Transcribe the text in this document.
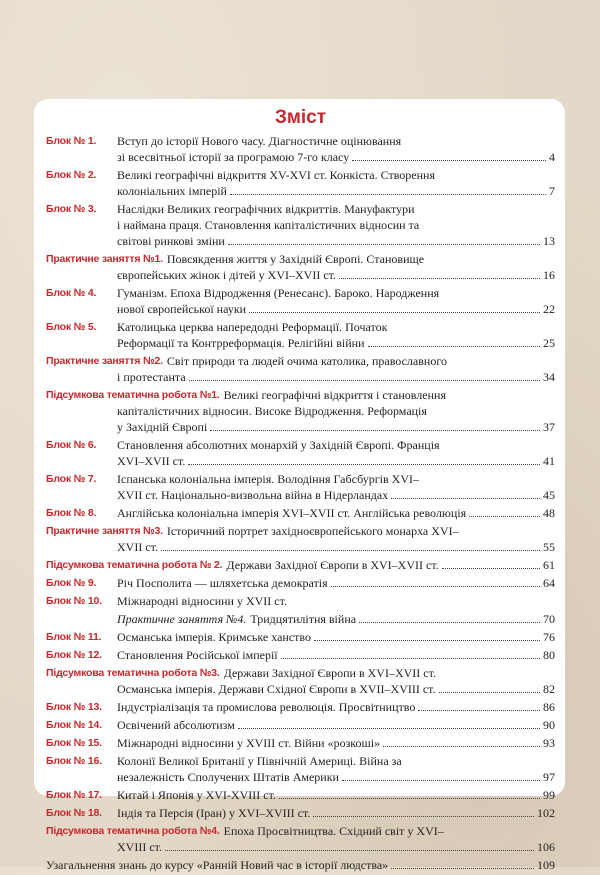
Зміст
Блок № 1. Вступ до історії Нового часу. Діагностичне оцінювання
зі всесвітньої історії за програмою 7-го класу	4
Блок № 2. Великі географічні відкриття XV-XVI ст. Конкіста. Створення
колоніальних імперій	7
Блок № 3. Наслідки Великих географічних відкриттів. Мануфактури
і наймана праця. Становлення капіталістичних відносин та
світові ринкові зміни	13
Практичне заняття №1. Повсякдення життя у Західній Європі. Становище
європейських жінок і дітей у XVI–XVII ст.	16
Блок № 4. Гуманізм. Епоха Відродження (Ренесанс). Бароко. Народження
нової європейської науки	22
Блок № 5. Католицька церква напередодні Реформації. Початок
Реформації та Контрреформація. Релігійні війни	25
Практичне заняття №2. Світ природи та людей очима католика, православного
і протестанта	34
Підсумкова тематична робота №1. Великі географічні відкриття і становлення
капіталістичних відносин. Високе Відродження. Реформація
у Західній Європі	37
Блок № 6. Становлення абсолютних монархій у Західній Європі. Франція
XVI–XVII ст.	41
Блок № 7. Іспанська колоніальна імперія. Володіння Габсбургів XVI–
XVII ст. Національно-визвольна війна в Нідерландах	45
Блок № 8. Англійська колоніальна імперія XVI–XVII ст. Англійська революція	48
Практичне заняття №3. Історичний портрет західноєвропейського монарха XVI–
XVII ст.	55
Підсумкова тематична робота № 2. Держави Західної Європи в XVI–XVII ст.	61
Блок № 9. Річ Посполита — шляхетська демократія	64
Блок № 10. Міжнародні відносини у XVII ст.
Практичне заняття №4. Тридцятилітня війна	70
Блок № 11. Османська імперія. Кримське ханство	76
Блок № 12. Становлення Російської імперії	80
Підсумкова тематична робота №3. Держави Західної Європи в XVI–XVII ст.
Османська імперія. Держави Східної Європи в XVII–XVIII ст.	82
Блок № 13. Індустріалізація та промислова революція. Просвітництво	86
Блок № 14. Освічений абсолютизм	90
Блок № 15. Міжнародні відносини у XVIII ст. Війни «розкоші»	93
Блок № 16. Колонії Великої Британії у Північній Америці. Війна за
незалежність Сполучених Штатів Америки	97
Блок № 17. Китай і Японія у XVI-XVIII ст.	99
Блок № 18. Індія та Персія (Іран) у XVI–XVIII ст.	102
Підсумкова тематична робота №4. Епоха Просвітництва. Східний світ у XVI–
XVIII ст.	106
Узагальнення знань до курсу «Ранній Новий час в історії людства»	109
